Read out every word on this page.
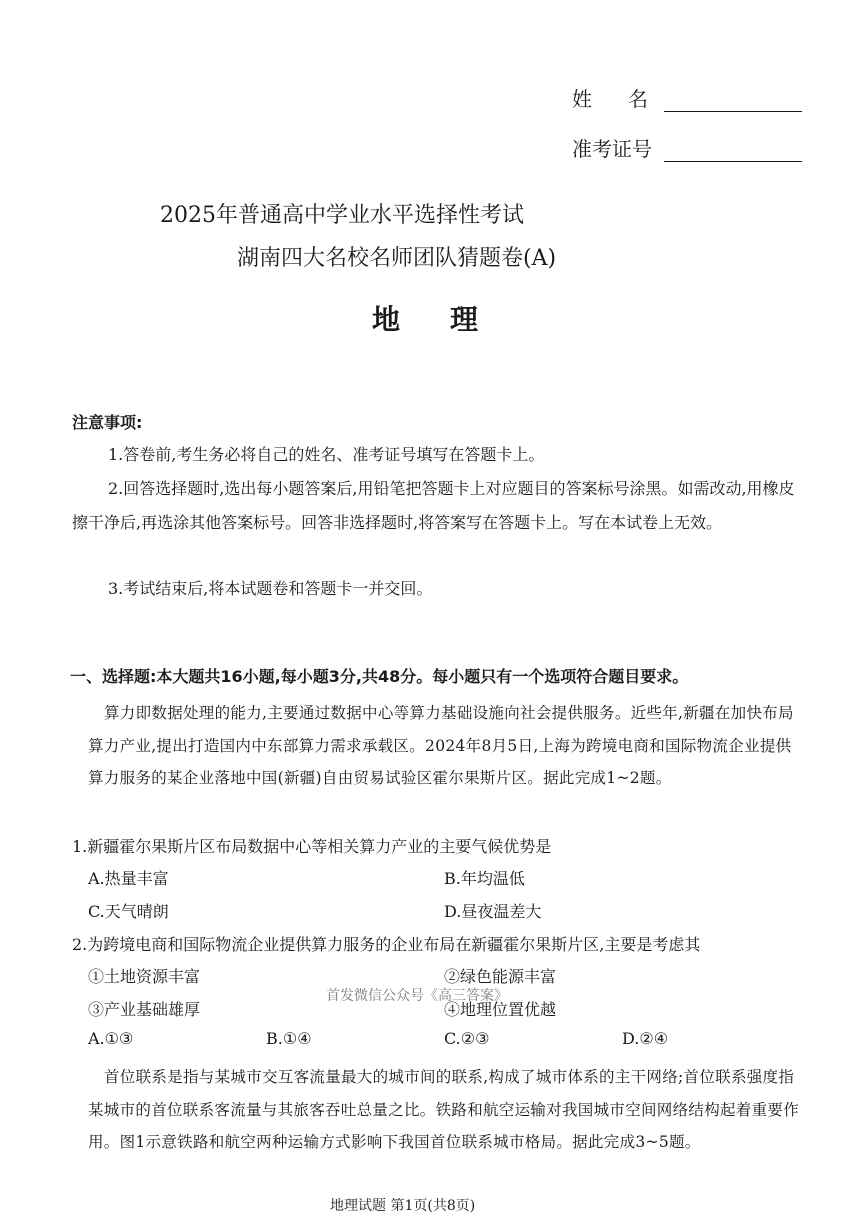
姓名
准考证号
2025年普通高中学业水平选择性考试
湖南四大名校名师团队猜题卷(A)
地理
注意事项:
1.答卷前,考生务必将自己的姓名、准考证号填写在答题卡上。
2.回答选择题时,选出每小题答案后,用铅笔把答题卡上对应题目的答案标号涂黑。如需改动,用橡皮擦干净后,再选涂其他答案标号。回答非选择题时,将答案写在答题卡上。写在本试卷上无效。
3.考试结束后,将本试题卷和答题卡一并交回。
一、选择题:本大题共16小题,每小题3分,共48分。每小题只有一个选项符合题目要求。
算力即数据处理的能力,主要通过数据中心等算力基础设施向社会提供服务。近些年,新疆在加快布局算力产业,提出打造国内中东部算力需求承载区。2024年8月5日,上海为跨境电商和国际物流企业提供算力服务的某企业落地中国(新疆)自由贸易试验区霍尔果斯片区。据此完成1~2题。
1.新疆霍尔果斯片区布局数据中心等相关算力产业的主要气候优势是
A.热量丰富	B.年均温低
C.天气晴朗	D.昼夜温差大
2.为跨境电商和国际物流企业提供算力服务的企业布局在新疆霍尔果斯片区,主要是考虑其
①土地资源丰富	②绿色能源丰富
③产业基础雄厚	④地理位置优越
首发微信公众号《高三答案》
A.①③	B.①④	C.②③	D.②④
首位联系是指与某城市交互客流量最大的城市间的联系,构成了城市体系的主干网络;首位联系强度指某城市的首位联系客流量与其旅客吞吐总量之比。铁路和航空运输对我国城市空间网络结构起着重要作用。图1示意铁路和航空两种运输方式影响下我国首位联系城市格局。据此完成3~5题。
地理试题 第1页(共8页)
